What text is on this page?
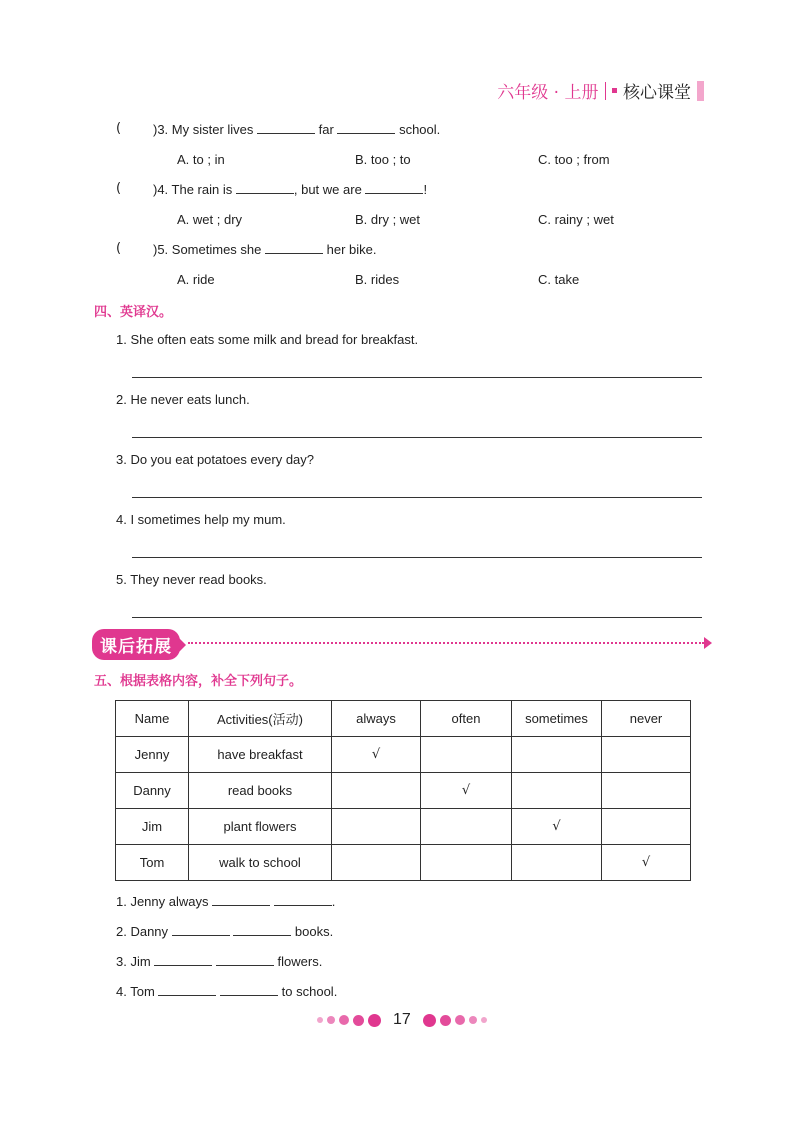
六年级 · 上册 核心课堂
( )3. My sister lives	far	school.
A. to ; in	B. too ; to	C. too ; from
( )4. The rain is	, but we are	!
A. wet ; dry	B. dry ; wet	C. rainy ; wet
( )5. Sometimes she	her bike.
A. ride	B. rides	C. take
四、英译汉。
1. She often eats some milk and bread for breakfast.
2. He never eats lunch.
3. Do you eat potatoes every day?
4. I sometimes help my mum.
5. They never read books.
课后拓展
五、根据表格内容，补全下列句子。
Name	Activities(活动)	always	often	sometimes	never
Jenny	have breakfast	√			
Danny	read books		√		
Jim	plant flowers			√	
Tom	walk to school				√
1. Jenny always	.
2. Danny	books.
3. Jim	flowers.
4. Tom	to school.
17
